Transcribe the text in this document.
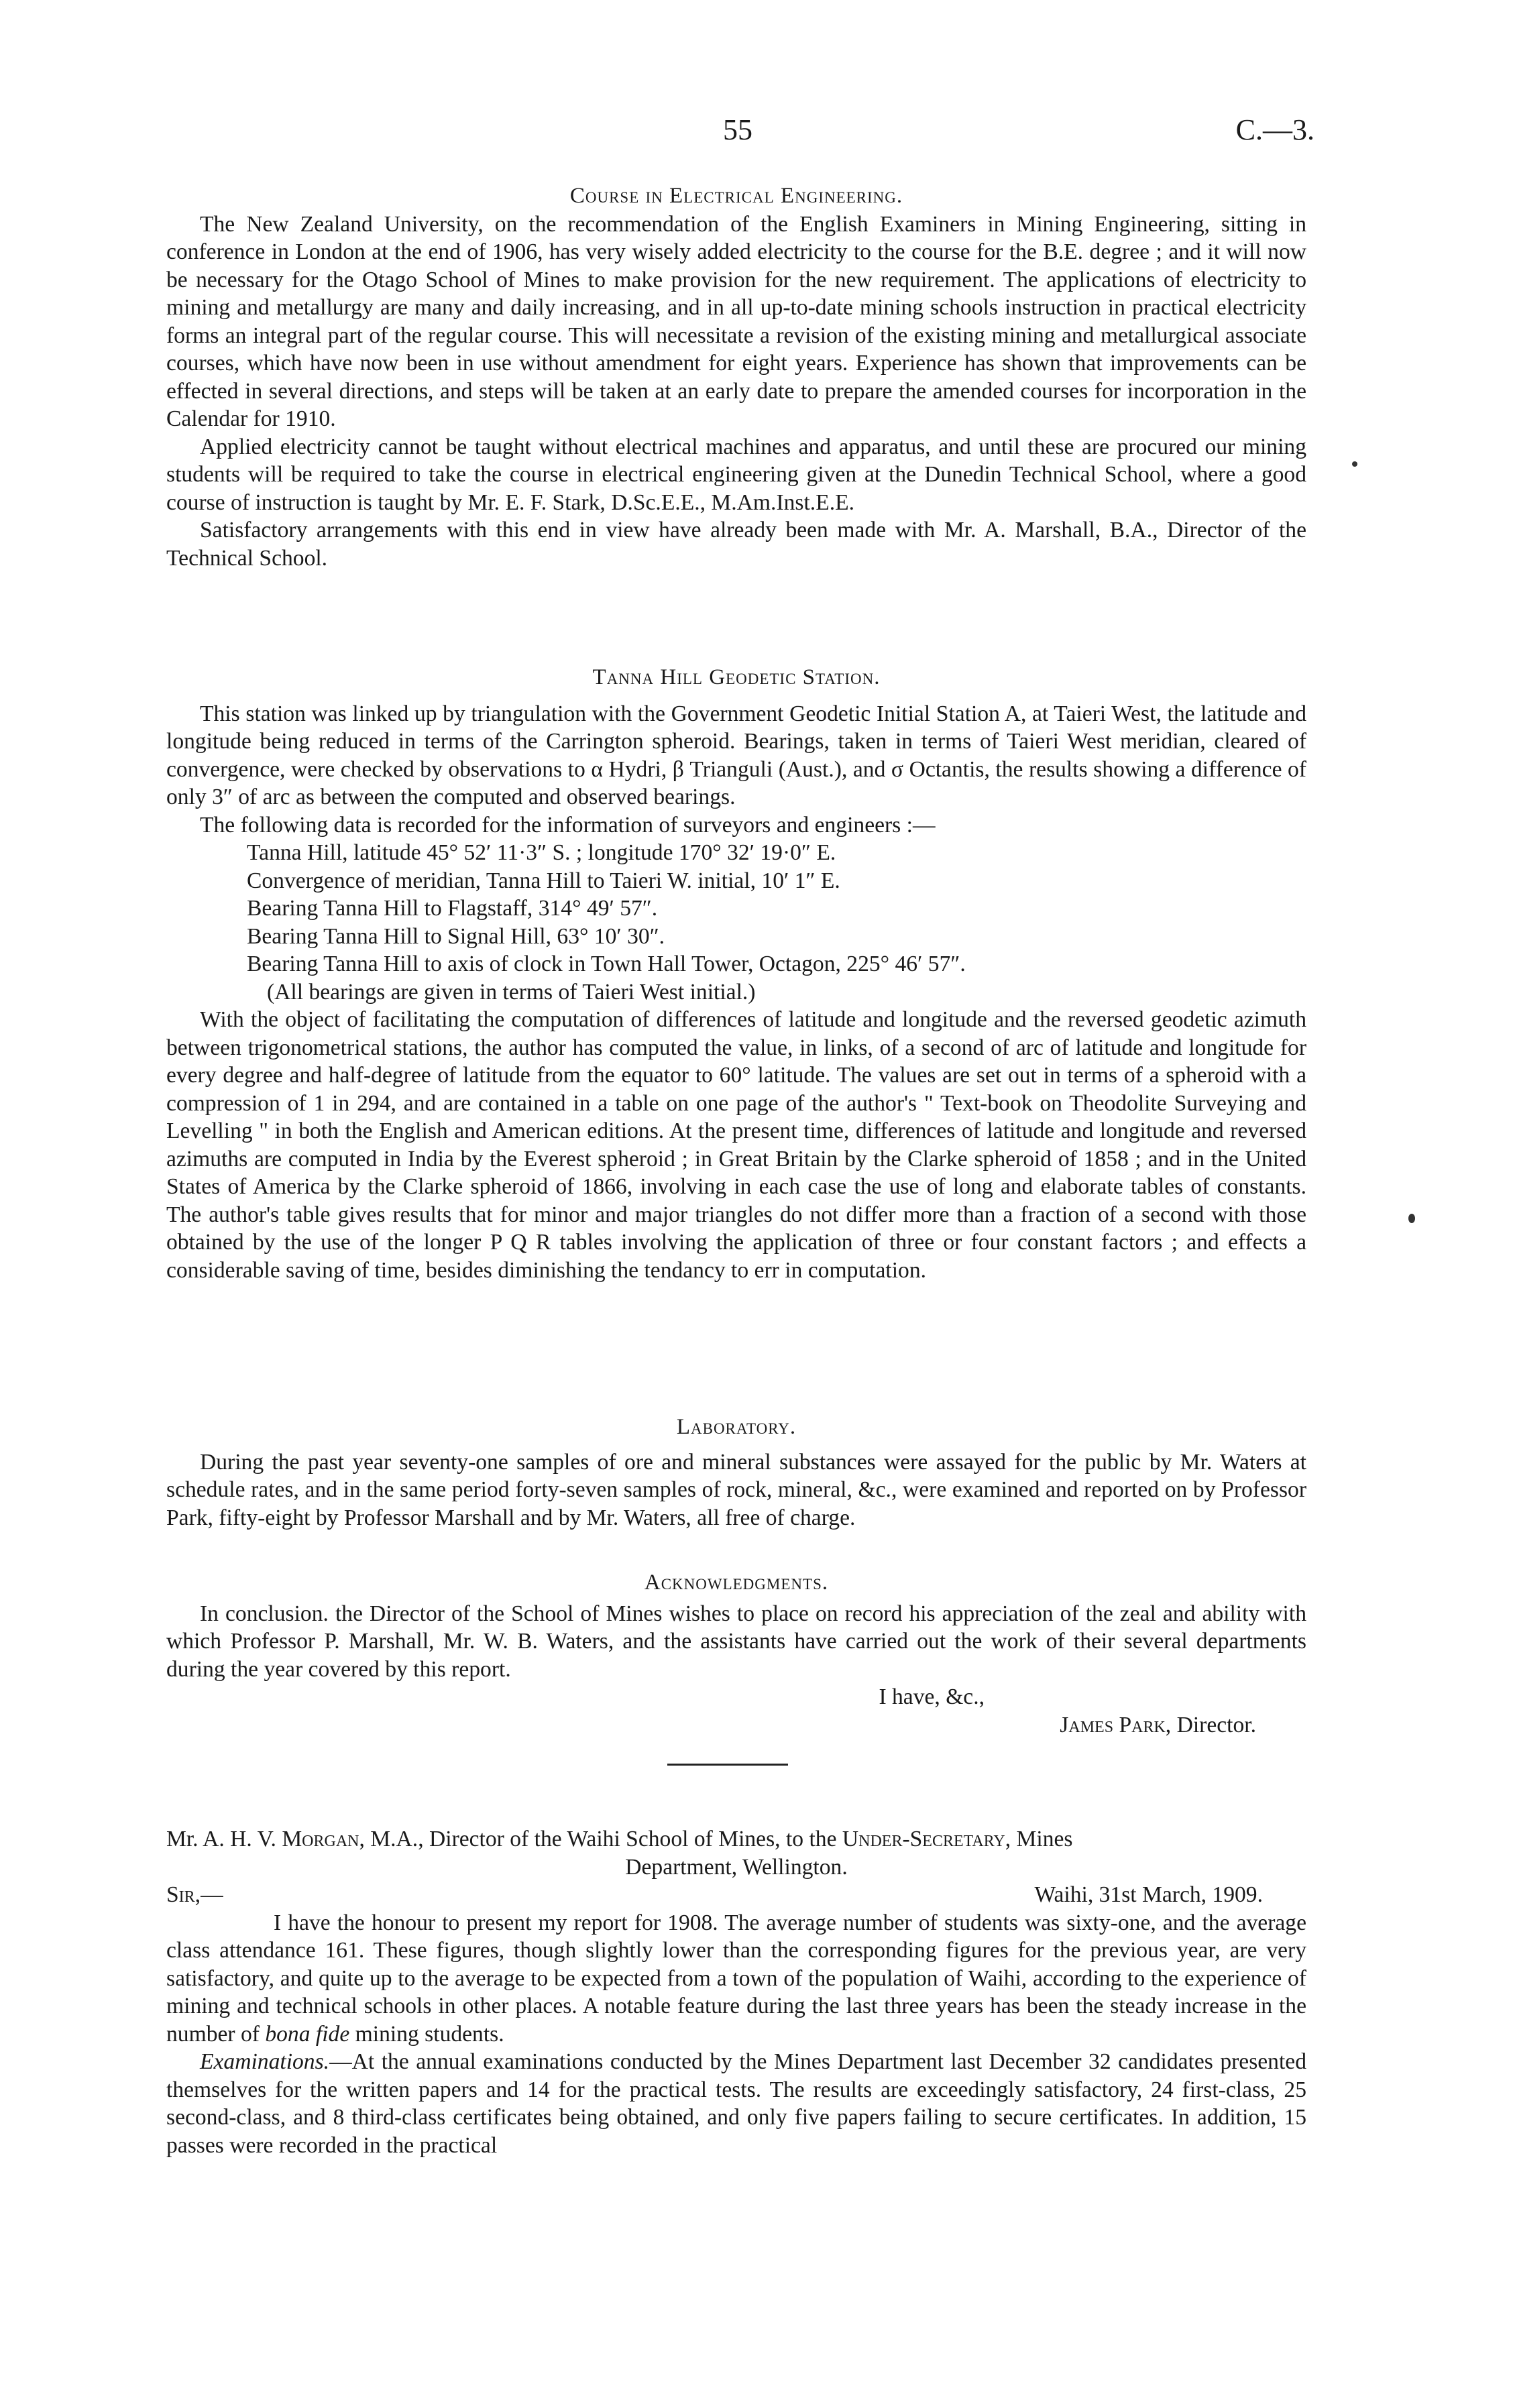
55	C.—3.
Course in Electrical Engineering.

The New Zealand University, on the recommendation of the English Examiners in Mining Engineering, sitting in conference in London at the end of 1906, has very wisely added electricity to the course for the B.E. degree ; and it will now be necessary for the Otago School of Mines to make provision for the new requirement. The applications of electricity to mining and metallurgy are many and daily increasing, and in all up-to-date mining schools instruction in practical electricity forms an integral part of the regular course. This will necessitate a revision of the existing mining and metallurgical associate courses, which have now been in use without amendment for eight years. Experience has shown that improvements can be effected in several directions, and steps will be taken at an early date to prepare the amended courses for incorporation in the Calendar for 1910.

Applied electricity cannot be taught without electrical machines and apparatus, and until these are procured our mining students will be required to take the course in electrical engineering given at the Dunedin Technical School, where a good course of instruction is taught by Mr. E. F. Stark, D.Sc.E.E., M.Am.Inst.E.E.

Satisfactory arrangements with this end in view have already been made with Mr. A. Marshall, B.A., Director of the Technical School.

Tanna Hill Geodetic Station.

This station was linked up by triangulation with the Government Geodetic Initial Station A, at Taieri West, the latitude and longitude being reduced in terms of the Carrington spheroid. Bearings, taken in terms of Taieri West meridian, cleared of convergence, were checked by observations to α Hydri, β Trianguli (Aust.), and σ Octantis, the results showing a difference of only 3″ of arc as between the computed and observed bearings.

The following data is recorded for the information of surveyors and engineers :—

Tanna Hill, latitude 45° 52′ 11·3″ S. ; longitude 170° 32′ 19·0″ E.
Convergence of meridian, Tanna Hill to Taieri W. initial, 10′ 1″ E.
Bearing Tanna Hill to Flagstaff, 314° 49′ 57″.
Bearing Tanna Hill to Signal Hill, 63° 10′ 30″.
Bearing Tanna Hill to axis of clock in Town Hall Tower, Octagon, 225° 46′ 57″.
(All bearings are given in terms of Taieri West initial.)

With the object of facilitating the computation of differences of latitude and longitude and the reversed geodetic azimuth between trigonometrical stations, the author has computed the value, in links, of a second of arc of latitude and longitude for every degree and half-degree of latitude from the equator to 60° latitude. The values are set out in terms of a spheroid with a compression of 1 in 294, and are contained in a table on one page of the author's " Text-book on Theodolite Surveying and Levelling " in both the English and American editions. At the present time, differences of latitude and longitude and reversed azimuths are computed in India by the Everest spheroid ; in Great Britain by the Clarke spheroid of 1858 ; and in the United States of America by the Clarke spheroid of 1866, involving in each case the use of long and elaborate tables of constants. The author's table gives results that for minor and major triangles do not differ more than a fraction of a second with those obtained by the use of the longer P Q R tables involving the application of three or four constant factors ; and effects a considerable saving of time, besides diminishing the tendancy to err in computation.

Laboratory.

During the past year seventy-one samples of ore and mineral substances were assayed for the public by Mr. Waters at schedule rates, and in the same period forty-seven samples of rock, mineral, &c., were examined and reported on by Professor Park, fifty-eight by Professor Marshall and by Mr. Waters, all free of charge.

Acknowledgments.

In conclusion. the Director of the School of Mines wishes to place on record his appreciation of the zeal and ability with which Professor P. Marshall, Mr. W. B. Waters, and the assistants have carried out the work of their several departments during the year covered by this report.

I have, &c.,
James Park, Director.
Mr. A. H. V. Morgan, M.A., Director of the Waihi School of Mines, to the Under-Secretary, Mines
Department, Wellington.
Sir,—	Waihi, 31st March, 1909.

I have the honour to present my report for 1908. The average number of students was sixty-one, and the average class attendance 161. These figures, though slightly lower than the corresponding figures for the previous year, are very satisfactory, and quite up to the average to be expected from a town of the population of Waihi, according to the experience of mining and technical schools in other places. A notable feature during the last three years has been the steady increase in the number of bona fide mining students.

Examinations.—At the annual examinations conducted by the Mines Department last December 32 candidates presented themselves for the written papers and 14 for the practical tests. The results are exceedingly satisfactory, 24 first-class, 25 second-class, and 8 third-class certificates being obtained, and only five papers failing to secure certificates. In addition, 15 passes were recorded in the practical
